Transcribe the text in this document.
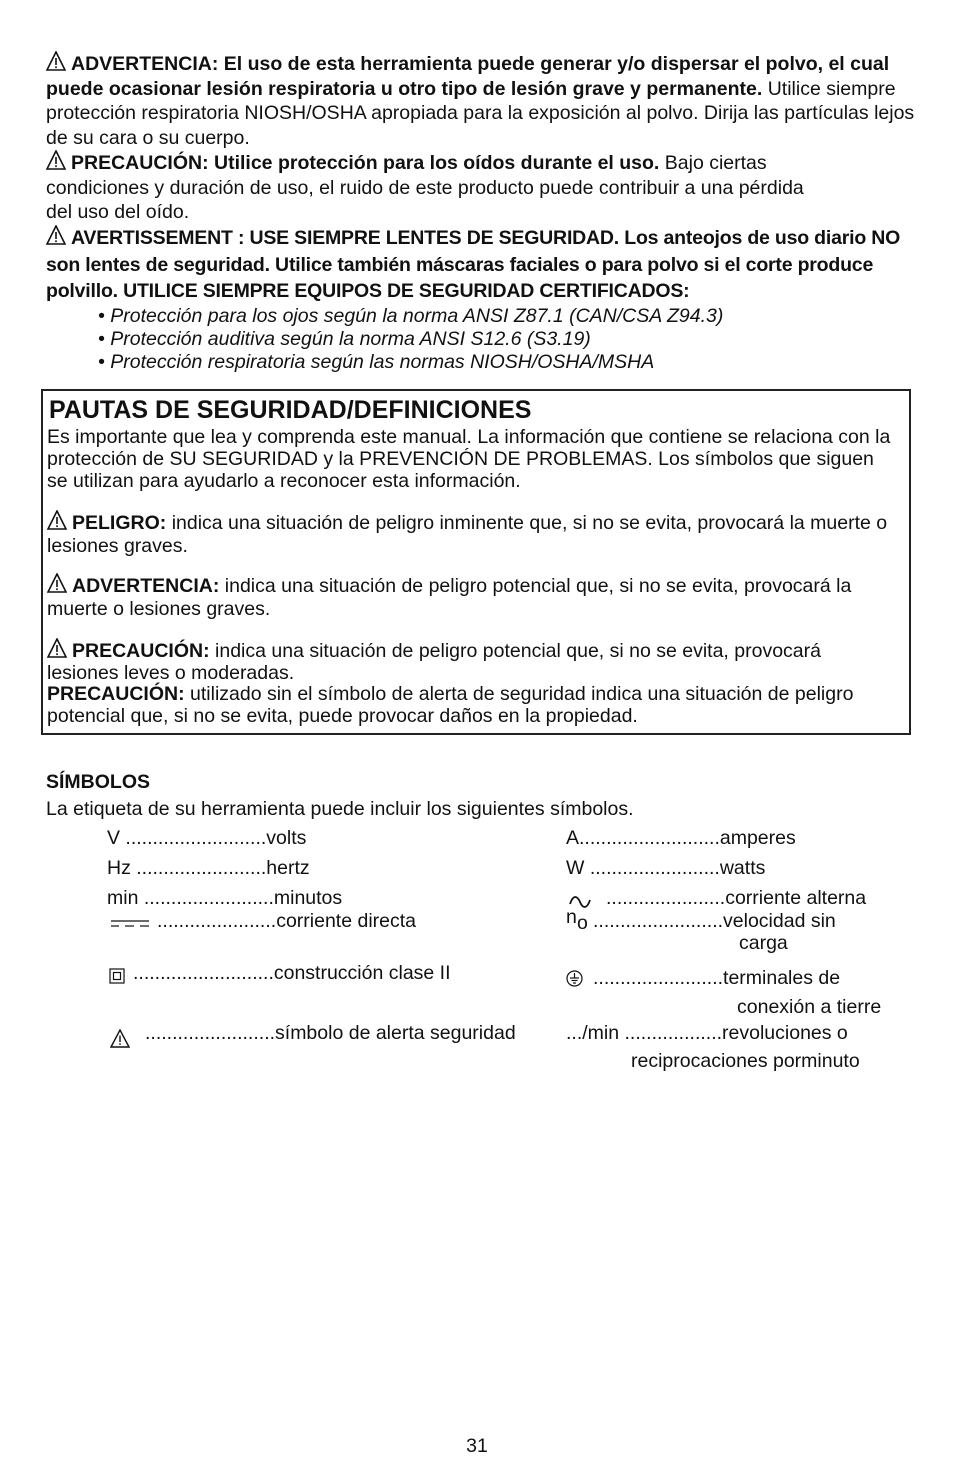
ADVERTENCIA: El uso de esta herramienta puede generar y/o dispersar el polvo, el cual puede ocasionar lesión respiratoria u otro tipo de lesión grave y permanente. Utilice siempre protección respiratoria NIOSH/OSHA apropiada para la exposición al polvo. Dirija las partículas lejos de su cara o su cuerpo.
PRECAUCIÓN: Utilice protección para los oídos durante el uso. Bajo ciertas condiciones y duración de uso, el ruido de este producto puede contribuir a una pérdida del uso del oído.
AVERTISSEMENT : USE SIEMPRE LENTES DE SEGURIDAD. Los anteojos de uso diario NO son lentes de seguridad. Utilice también máscaras faciales o para polvo si el corte produce polvillo. UTILICE SIEMPRE EQUIPOS DE SEGURIDAD CERTIFICADOS:
• Protección para los ojos según la norma ANSI Z87.1 (CAN/CSA Z94.3)
• Protección auditiva según la norma ANSI S12.6 (S3.19)
• Protección respiratoria según las normas NIOSH/OSHA/MSHA
PAUTAS DE SEGURIDAD/DEFINICIONES

Es importante que lea y comprenda este manual. La información que contiene se relaciona con la protección de SU SEGURIDAD y la PREVENCIÓN DE PROBLEMAS. Los símbolos que siguen se utilizan para ayudarlo a reconocer esta información.

PELIGRO: indica una situación de peligro inminente que, si no se evita, provocará la muerte o lesiones graves.

ADVERTENCIA: indica una situación de peligro potencial que, si no se evita, provocará la muerte o lesiones graves.

PRECAUCIÓN: indica una situación de peligro potencial que, si no se evita, provocará lesiones leves o moderadas.

PRECAUCIÓN: utilizado sin el símbolo de alerta de seguridad indica una situación de peligro potencial que, si no se evita, puede provocar daños en la propiedad.

SÍMBOLOS
La etiqueta de su herramienta puede incluir los siguientes símbolos.
V ..........................volts
Hz ........................hertz
min ........................minutos
......................corriente directa
..........................construcción clase II
........................símbolo de alerta seguridad
A..........................amperes
W ........................watts
......................corriente alterna
n o ........................velocidad sin
carga
........................terminales de
conexión a tierre
.../min ..................revoluciones o
reciprocaciones porminuto
31
